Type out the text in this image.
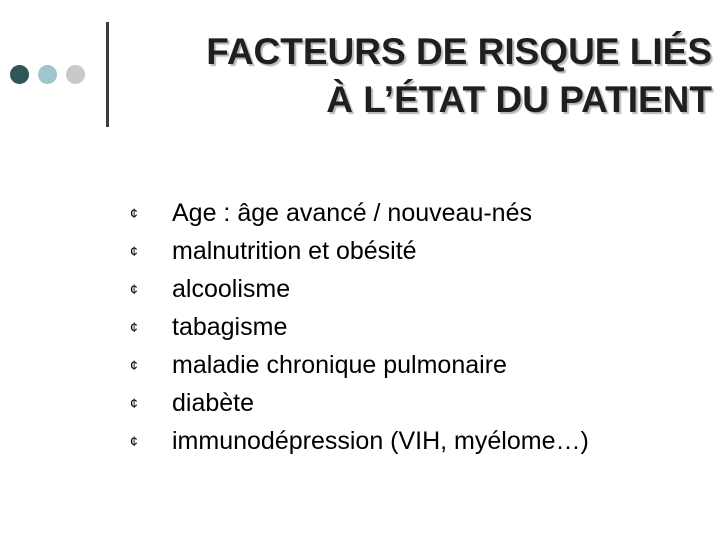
FACTEURS DE RISQUE LIÉS
À L’ÉTAT DU PATIENT
¢ Age : âge avancé / nouveau-nés
¢ malnutrition et obésité
¢ alcoolisme
¢ tabagisme
¢ maladie chronique pulmonaire
¢ diabète
¢ immunodépression (VIH, myélome…)
